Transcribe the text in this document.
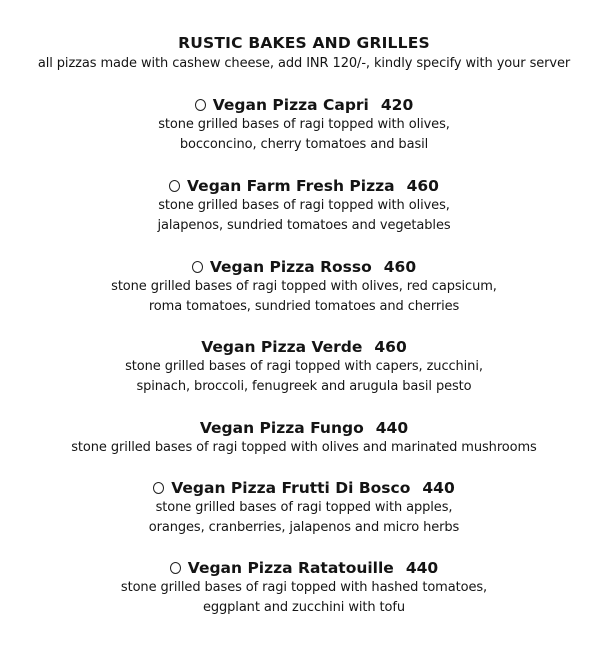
RUSTIC BAKES AND GRILLES
all pizzas made with cashew cheese, add INR 120/-, kindly specify with your server
Vegan Pizza Capri 420
stone grilled bases of ragi topped with olives,
bocconcino, cherry tomatoes and basil
Vegan Farm Fresh Pizza 460
stone grilled bases of ragi topped with olives,
jalapenos, sundried tomatoes and vegetables
Vegan Pizza Rosso 460
stone grilled bases of ragi topped with olives, red capsicum,
roma tomatoes, sundried tomatoes and cherries
Vegan Pizza Verde 460
stone grilled bases of ragi topped with capers, zucchini,
spinach, broccoli, fenugreek and arugula basil pesto
Vegan Pizza Fungo 440
stone grilled bases of ragi topped with olives and marinated mushrooms
Vegan Pizza Frutti Di Bosco 440
stone grilled bases of ragi topped with apples,
oranges, cranberries, jalapenos and micro herbs
Vegan Pizza Ratatouille 440
stone grilled bases of ragi topped with hashed tomatoes,
eggplant and zucchini with tofu
